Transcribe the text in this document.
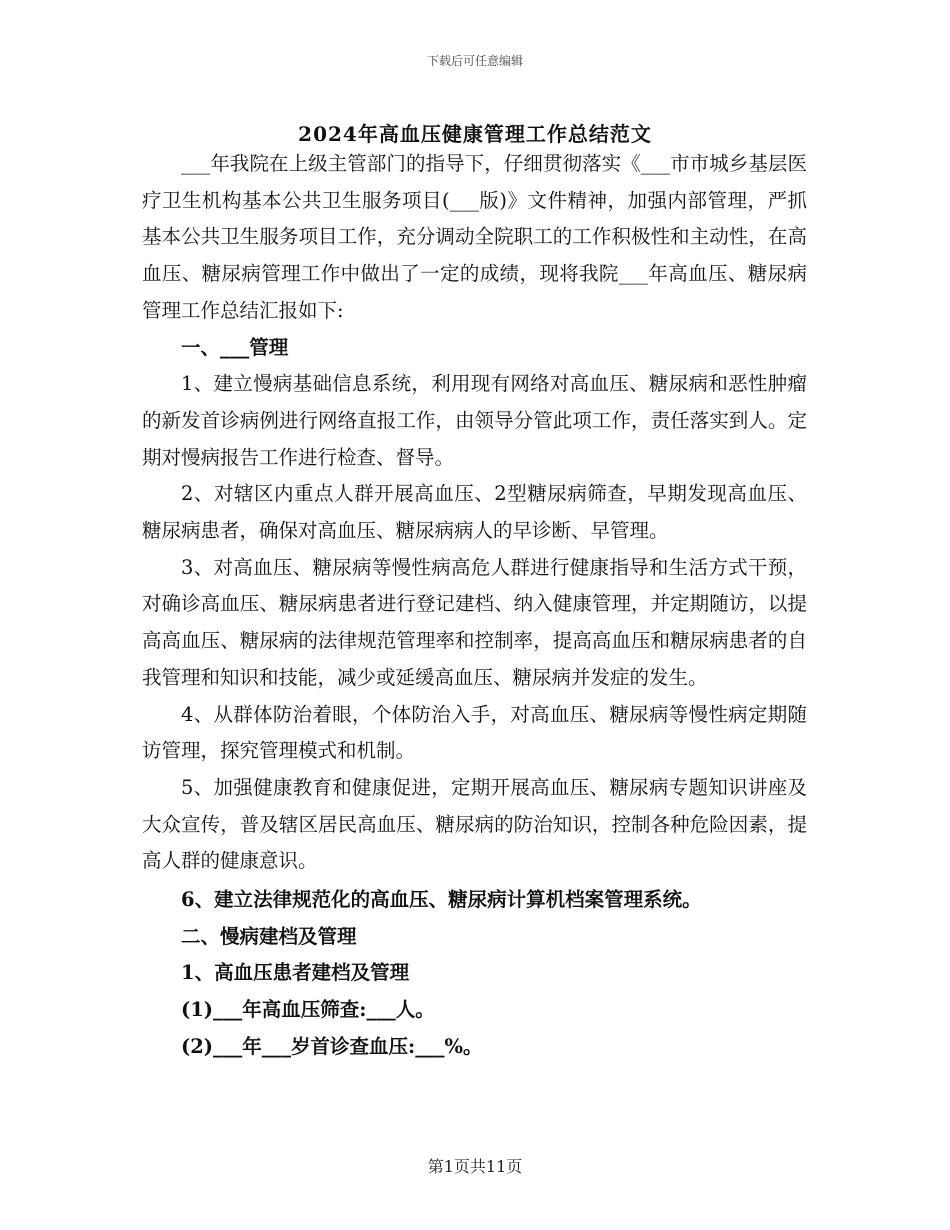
下载后可任意编辑
2024年高血压健康管理工作总结范文

___年我院在上级主管部门的指导下，仔细贯彻落实《___市市城乡基层医疗卫生机构基本公共卫生服务项目(___版)》文件精神，加强内部管理，严抓基本公共卫生服务项目工作，充分调动全院职工的工作积极性和主动性，在高血压、糖尿病管理工作中做出了一定的成绩，现将我院___年高血压、糖尿病管理工作总结汇报如下:

一、___管理

1、建立慢病基础信息系统，利用现有网络对高血压、糖尿病和恶性肿瘤的新发首诊病例进行网络直报工作，由领导分管此项工作，责任落实到人。定期对慢病报告工作进行检查、督导。

2、对辖区内重点人群开展高血压、2型糖尿病筛查，早期发现高血压、糖尿病患者，确保对高血压、糖尿病病人的早诊断、早管理。

3、对高血压、糖尿病等慢性病高危人群进行健康指导和生活方式干预，对确诊高血压、糖尿病患者进行登记建档、纳入健康管理，并定期随访，以提高高血压、糖尿病的法律规范管理率和控制率，提高高血压和糖尿病患者的自我管理和知识和技能，减少或延缓高血压、糖尿病并发症的发生。

4、从群体防治着眼，个体防治入手，对高血压、糖尿病等慢性病定期随访管理，探究管理模式和机制。

5、加强健康教育和健康促进，定期开展高血压、糖尿病专题知识讲座及大众宣传，普及辖区居民高血压、糖尿病的防治知识，控制各种危险因素，提高人群的健康意识。

6、建立法律规范化的高血压、糖尿病计算机档案管理系统。

二、慢病建档及管理

1、高血压患者建档及管理

(1)___年高血压筛查:___人。

(2)___年___岁首诊查血压:___%。

第1页共11页
